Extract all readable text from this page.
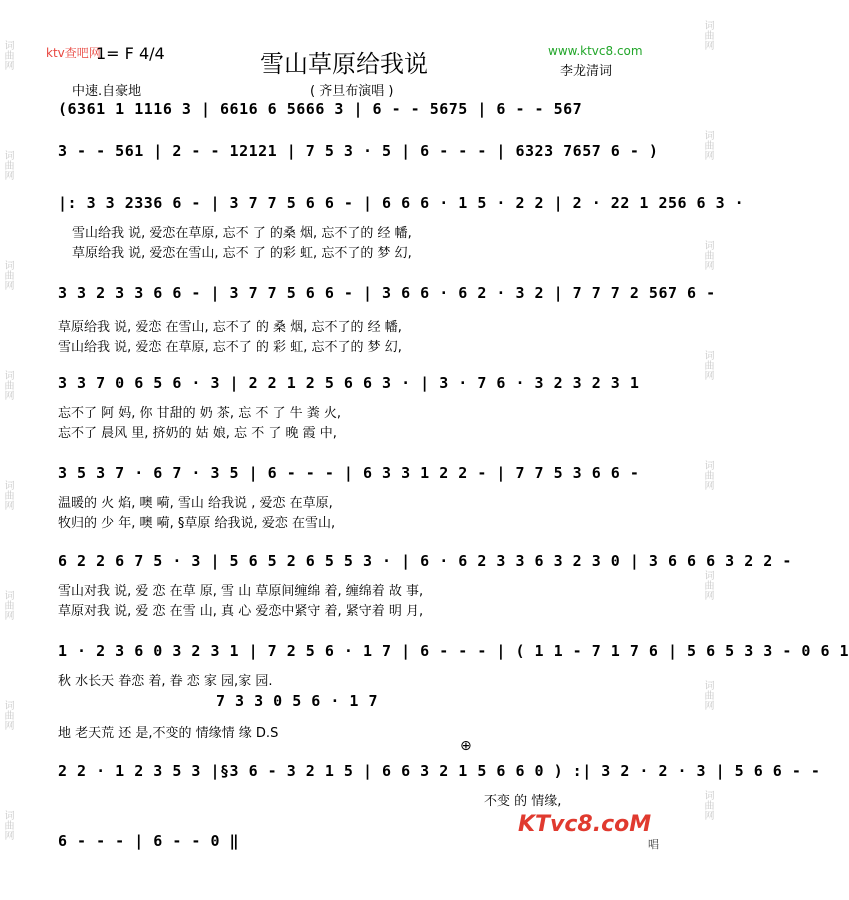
词曲网
词曲网
词曲网
词曲网
词曲网
词曲网
词曲网
词曲网
词曲网
词曲网
词曲网
词曲网
词曲网
词曲网
词曲网
词曲网
ktv查吧网
1= F 4/4	雪山草原给我说	www.ktvc8.com
李龙清词
中速.自豪地	( 齐旦布演唱 )
(6361 1 1116 3 | 6616 6 5666 3 | 6 - - 5675 | 6 - - 567
3 - - 561 | 2 - - 12121 | 7 5 3 · 5 | 6 - - - | 6323 7657 6 - )
|: 3 3 2336 6 - | 3 7 7 5 6 6 - | 6 6 6 · 1 5 · 2 2 | 2 · 22 1 256 6 3 ·
雪山给我 说, 爱恋在草原, 忘不 了 的桑 烟, 忘不了的 经 幡,
草原给我 说, 爱恋在雪山, 忘不 了 的彩 虹, 忘不了的 梦 幻,
3 3 2 3 3 6 6 - | 3 7 7 5 6 6 - | 3 6 6 · 6 2 · 3 2 | 7 7 7 2 567 6 -
草原给我 说, 爱恋 在雪山, 忘不了 的 桑 烟, 忘不了的 经 幡,
雪山给我 说, 爱恋 在草原, 忘不了 的 彩 虹, 忘不了的 梦 幻,
3 3 7 0 6 5 6 · 3 | 2 2 1 2 5 6 6 3 · | 3 · 7 6 · 3 2 3 2 3 1
忘不了 阿 妈, 你 甘甜的 奶 茶, 忘 不 了 牛 粪 火,
忘不了 晨风 里, 挤奶的 姑 娘, 忘 不 了 晚 霞 中,
3 5 3 7 · 6 7 · 3 5 | 6 - - - | 6 3 3 1 2 2 - | 7 7 5 3 6 6 -
温暖的 火 焰, 噢 嗬, 雪山 给我说 , 爱恋 在草原,
牧归的 少 年, 噢 嗬, §草原 给我说, 爱恋 在雪山,
6 2 2 6 7 5 · 3 | 5 6 5 2 6 5 5 3 · | 6 · 6 2 3 3 6 3 2 3 0 | 3 6 6 6 3 2 2 -
雪山对我 说, 爱 恋 在草 原, 雪 山 草原间缠绵 着, 缠绵着 故 事,
草原对我 说, 爱 恋 在雪 山, 真 心 爱恋中紧守 着, 紧守着 明 月,
1 · 2 3 6 0 3 2 3 1 | 7 2 5 6 · 1 7 | 6 - - - | ( 1 1 - 7 1 7 6 | 5 6 5 3 3 - 0 6 1
秋 水长天 眷恋 着, 眷 恋 家 园,家 园.
7 3 3 0 5 6 · 1 7
地 老天荒 还 是,不变的 情缘情 缘 D.S
⊕
2 2 · 1 2 3 5 3 |§3 6 - 3 2 1 5 | 6 6 3 2 1 5 6 6 0 ) :| 3 2 · 2 · 3 | 5 6 6 - -
不变 的 情缘,
6 - - - | 6 - - 0 ‖
KTvc8.coM
唱
